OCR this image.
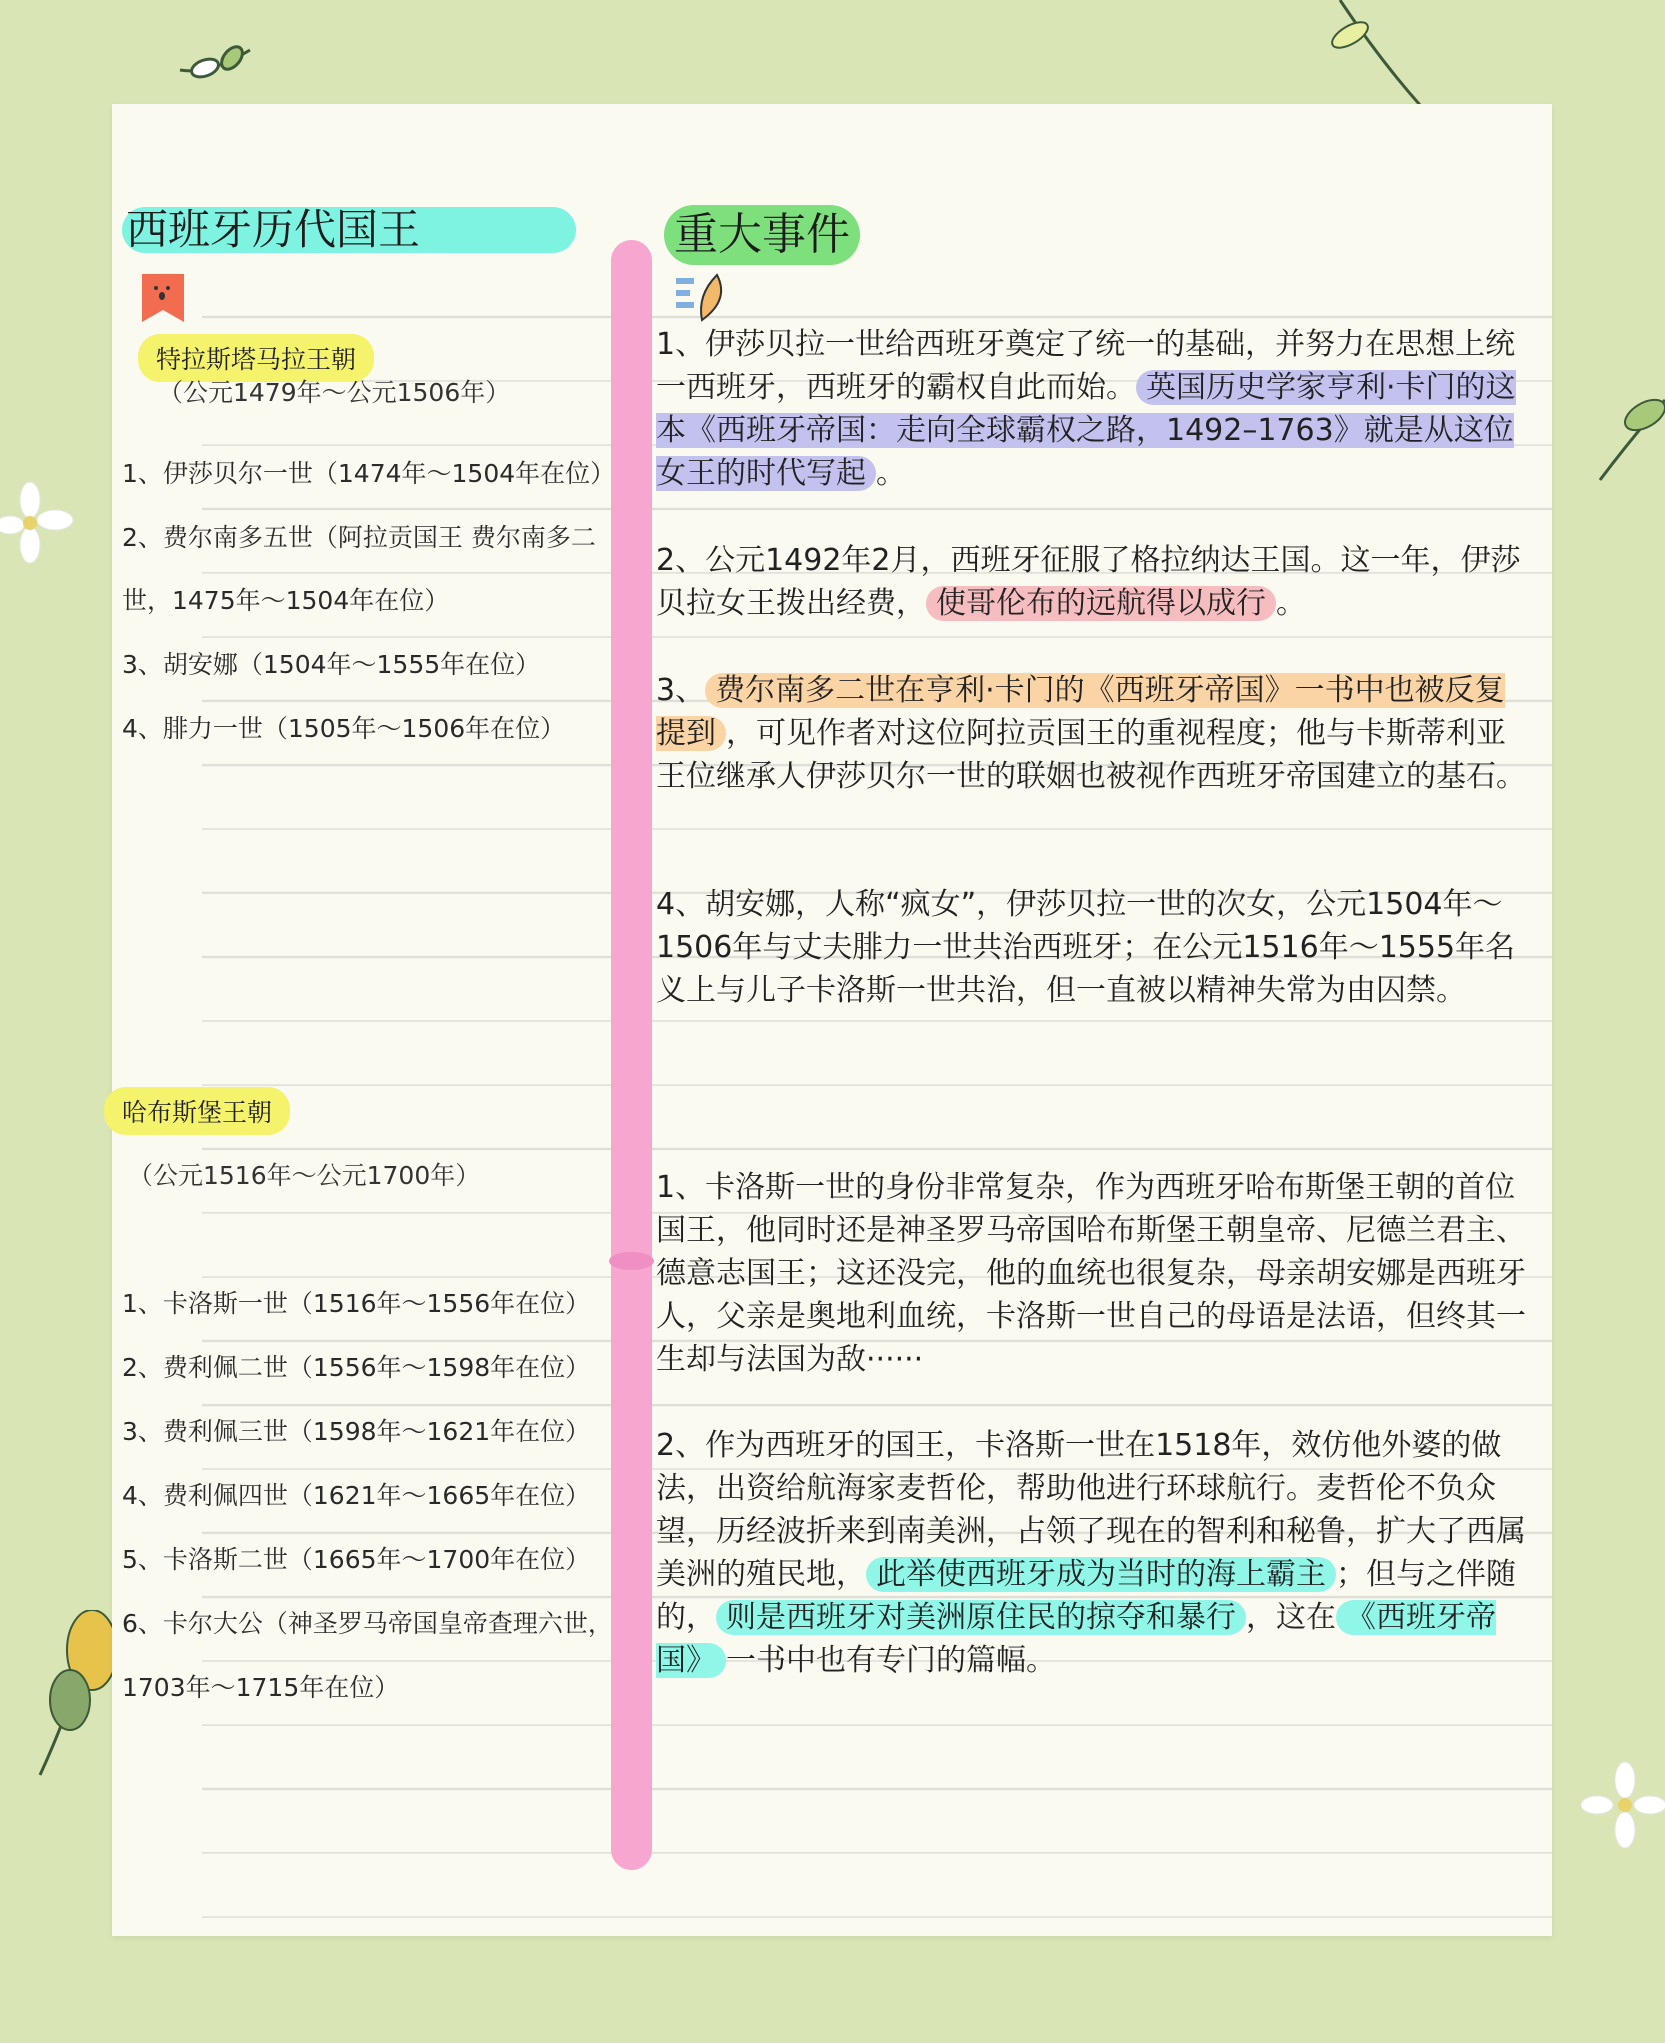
西班牙历代国王
特拉斯塔马拉王朝
（公元1479年～公元1506年）
1、伊莎贝尔一世（1474年～1504年在位）
2、费尔南多五世（阿拉贡国王 费尔南多二
世，1475年～1504年在位）
3、胡安娜（1504年～1555年在位）
4、腓力一世（1505年～1506年在位）
哈布斯堡王朝
（公元1516年～公元1700年）
1、卡洛斯一世（1516年～1556年在位）
2、费利佩二世（1556年～1598年在位）
3、费利佩三世（1598年～1621年在位）
4、费利佩四世（1621年～1665年在位）
5、卡洛斯二世（1665年～1700年在位）
6、卡尔大公（神圣罗马帝国皇帝查理六世，
1703年～1715年在位）
重大事件
1、伊莎贝拉一世给西班牙奠定了统一的基础，并努力在思想上统一西班牙，西班牙的霸权自此而始。 英国历史学家亨利·卡门的这本《西班牙帝国：走向全球霸权之路，1492–1763》就是从这位女王的时代写起 。
2、公元1492年2月，西班牙征服了格拉纳达王国。这一年，伊莎贝拉女王拨出经费， 使哥伦布的远航得以成行 。
3、 费尔南多二世在亨利·卡门的《西班牙帝国》一书中也被反复提到 ，可见作者对这位阿拉贡国王的重视程度；他与卡斯蒂利亚王位继承人伊莎贝尔一世的联姻也被视作西班牙帝国建立的基石。
4、胡安娜，人称“疯女”，伊莎贝拉一世的次女，公元1504年～1506年与丈夫腓力一世共治西班牙；在公元1516年～1555年名义上与儿子卡洛斯一世共治，但一直被以精神失常为由囚禁。
1、卡洛斯一世的身份非常复杂，作为西班牙哈布斯堡王朝的首位国王，他同时还是神圣罗马帝国哈布斯堡王朝皇帝、尼德兰君主、德意志国王；这还没完，他的血统也很复杂，母亲胡安娜是西班牙人，父亲是奥地利血统，卡洛斯一世自己的母语是法语，但终其一生却与法国为敌······
2、作为西班牙的国王，卡洛斯一世在1518年，效仿他外婆的做法，出资给航海家麦哲伦，帮助他进行环球航行。麦哲伦不负众望，历经波折来到南美洲，占领了现在的智利和秘鲁，扩大了西属美洲的殖民地， 此举使西班牙成为当时的海上霸主 ；但与之伴随的， 则是西班牙对美洲原住民的掠夺和暴行 ，这在 《西班牙帝国》 一书中也有专门的篇幅。
